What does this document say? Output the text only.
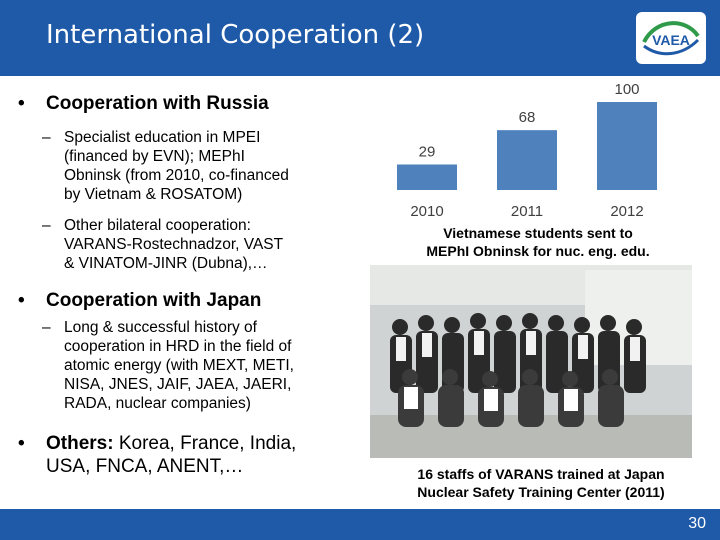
International Cooperation (2)	VAEA
• Cooperation with Russia
– Specialist education in MPEI
(financed by EVN); MEPhI
Obninsk (from 2010, co-financed
by Vietnam & ROSATOM)
– Other bilateral cooperation:
VARANS-Rostechnadzor, VAST
& VINATOM-JINR (Dubna),…
• Cooperation with Japan
– Long & successful history of
cooperation in HRD in the field of
atomic energy (with MEXT, METI,
NISA, JNES, JAIF, JAEA, JAERI,
RADA, nuclear companies)
• Others: Korea, France, India,
USA, FNCA, ANENT,…
29
2010
68
2011
100
2012
Vietnamese students sent to
MEPhI Obninsk for nuc. eng. edu.
16 staffs of VARANS trained at Japan
Nuclear Safety Training Center (2011)
30
